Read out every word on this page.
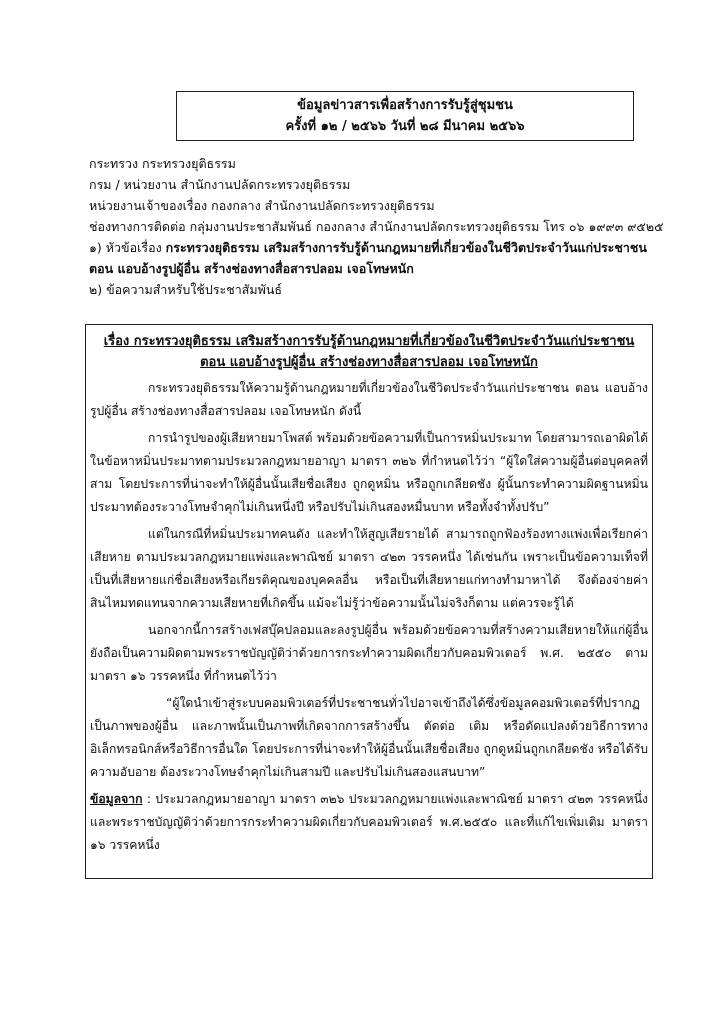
ข้อมูลข่าวสารเพื่อสร้างการรับรู้สู่ชุมชน
ครั้งที่ ๑๒ / ๒๕๖๖ วันที่ ๒๘ มีนาคม ๒๕๖๖
กระทรวง กระทรวงยุติธรรม
กรม / หน่วยงาน สำนักงานปลัดกระทรวงยุติธรรม
หน่วยงานเจ้าของเรื่อง กองกลาง สำนักงานปลัดกระทรวงยุติธรรม
ช่องทางการติดต่อ กลุ่มงานประชาสัมพันธ์ กองกลาง สำนักงานปลัดกระทรวงยุติธรรม โทร ๐๖ ๑๙๙๓ ๙๕๒๕
๑) หัวข้อเรื่อง กระทรวงยุติธรรม เสริมสร้างการรับรู้ด้านกฎหมายที่เกี่ยวข้องในชีวิตประจำวันแก่ประชาชน
ตอน แอบอ้างรูปผู้อื่น สร้างช่องทางสื่อสารปลอม เจอโทษหนัก
๒) ข้อความสำหรับใช้ประชาสัมพันธ์
เรื่อง กระทรวงยุติธรรม เสริมสร้างการรับรู้ด้านกฎหมายที่เกี่ยวข้องในชีวิตประจำวันแก่ประชาชน
ตอน แอบอ้างรูปผู้อื่น สร้างช่องทางสื่อสารปลอม เจอโทษหนัก
กระทรวงยุติธรรมให้ความรู้ด้านกฎหมายที่เกี่ยวข้องในชีวิตประจำวันแก่ประชาชน ตอน แอบอ้างรูปผู้อื่น สร้างช่องทางสื่อสารปลอม เจอโทษหนัก ดังนี้
การนำรูปของผู้เสียหายมาโพสต์ พร้อมด้วยข้อความที่เป็นการหมิ่นประมาท โดยสามารถเอาผิดได้ในข้อหาหมิ่นประมาทตามประมวลกฎหมายอาญา มาตรา ๓๒๖ ที่กำหนดไว้ว่า “ผู้ใดใส่ความผู้อื่นต่อบุคคลที่สาม โดยประการที่น่าจะทำให้ผู้อื่นนั้นเสียชื่อเสียง ถูกดูหมิ่น หรือถูกเกลียดชัง ผู้นั้นกระทำความผิดฐานหมิ่นประมาทต้องระวางโทษจำคุกไม่เกินหนึ่งปี หรือปรับไม่เกินสองหมื่นบาท หรือทั้งจำทั้งปรับ”
แต่ในกรณีที่หมิ่นประมาทคนดัง และทำให้สูญเสียรายได้ สามารถถูกฟ้องร้องทางแพ่งเพื่อเรียกค่าเสียหาย ตามประมวลกฎหมายแพ่งและพาณิชย์ มาตรา ๔๒๓ วรรคหนึ่ง ได้เช่นกัน เพราะเป็นข้อความเท็จที่เป็นที่เสียหายแก่ชื่อเสียงหรือเกียรติคุณของบุคคลอื่น หรือเป็นที่เสียหายแก่ทางทำมาหาได้ จึงต้องจ่ายค่าสินไหมทดแทนจากความเสียหายที่เกิดขึ้น แม้จะไม่รู้ว่าข้อความนั้นไม่จริงก็ตาม แต่ควรจะรู้ได้
นอกจากนี้การสร้างเฟสบุ๊คปลอมและลงรูปผู้อื่น พร้อมด้วยข้อความที่สร้างความเสียหายให้แก่ผู้อื่น ยังถือเป็นความผิดตามพระราชบัญญัติว่าด้วยการกระทำความผิดเกี่ยวกับคอมพิวเตอร์ พ.ศ. ๒๕๕๐ ตามมาตรา ๑๖ วรรคหนึ่ง ที่กำหนดไว้ว่า
“ผู้ใดนำเข้าสู่ระบบคอมพิวเตอร์ที่ประชาชนทั่วไปอาจเข้าถึงได้ซึ่งข้อมูลคอมพิวเตอร์ที่ปรากฏเป็นภาพของผู้อื่น และภาพนั้นเป็นภาพที่เกิดจากการสร้างขึ้น ตัดต่อ เติม หรือดัดแปลงด้วยวิธีการทางอิเล็กทรอนิกส์หรือวิธีการอื่นใด โดยประการที่น่าจะทำให้ผู้อื่นนั้นเสียชื่อเสียง ถูกดูหมิ่นถูกเกลียดชัง หรือได้รับความอับอาย ต้องระวางโทษจำคุกไม่เกินสามปี และปรับไม่เกินสองแสนบาท”
ข้อมูลจาก : ประมวลกฎหมายอาญา มาตรา ๓๒๖ ประมวลกฎหมายแพ่งและพาณิชย์ มาตรา ๔๒๓ วรรคหนึ่ง และพระราชบัญญัติว่าด้วยการกระทำความผิดเกี่ยวกับคอมพิวเตอร์ พ.ศ.๒๕๕๐ และที่แก้ไขเพิ่มเติม มาตรา ๑๖ วรรคหนึ่ง
